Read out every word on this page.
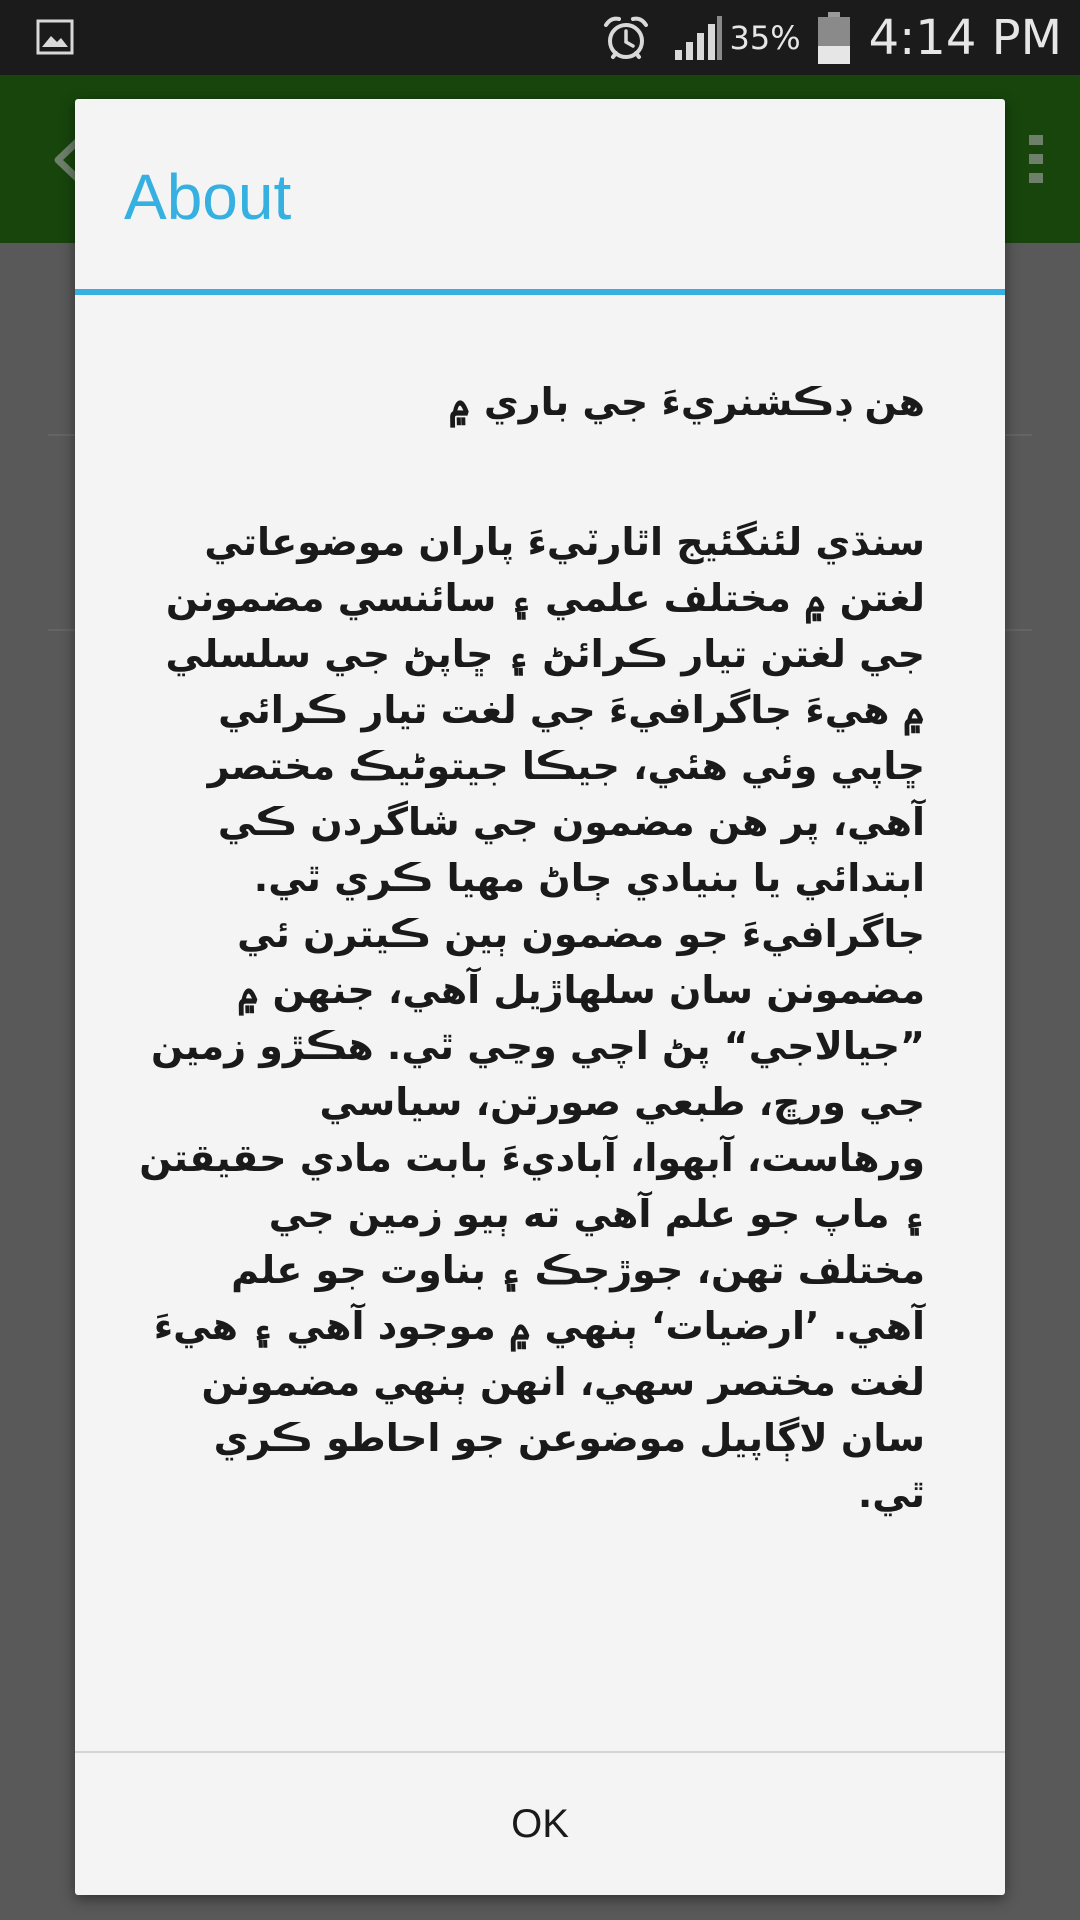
35% 4:14 PM
About

هن ڊڪشنريءَ جي باري ۾

سنڌي لئنگئيج اٿارٽيءَ پاران موضوعاتي لغتن ۾ مختلف علمي ۽ سائنسي مضمونن جي لغتن تيار ڪرائڻ ۽ ڇاپڻ جي سلسلي ۾ هيءَ جاگرافيءَ جي لغت تيار ڪرائي ڇاپي وئي هئي، جيڪا جيتوڻيڪ مختصر آهي، پر هن مضمون جي شاگردن ڪي ابتدائي يا بنيادي ڄاڻ مهيا ڪري ٿي. جاگرافيءَ جو مضمون ٻين ڪيترن ئي مضمونن سان سلهاڙيل آهي، جنهن ۾ ”جيالاجي“ پڻ اچي وڃي ٿي. هڪڙو زمين جي ورڇ، طبعي صورتن، سياسي ورهاست، آبهوا، آباديءَ بابت مادي حقيقتن ۽ ماپ جو علم آهي ته ٻيو زمين جي مختلف تهن، جوڙجڪ ۽ بناوت جو علم آهي. ’ارضيات‘ ٻنهي ۾ موجود آهي ۽ هيءَ لغت مختصر سهي، انهن ٻنهي مضمونن سان لاڳاپيل موضوعن جو احاطو ڪري ٿي.

OK
